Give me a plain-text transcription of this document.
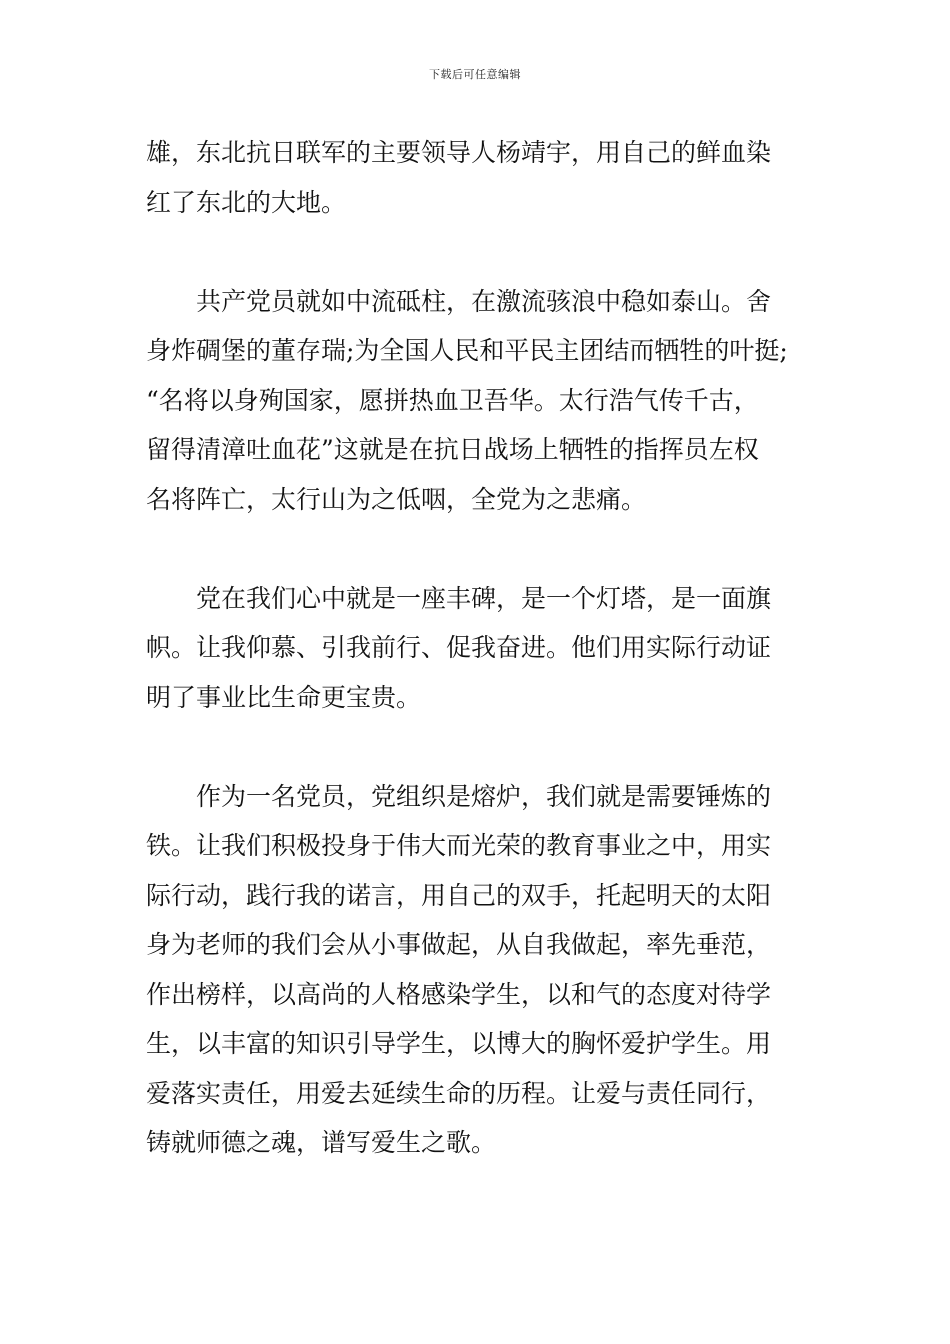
下载后可任意编辑
雄，东北抗日联军的主要领导人杨靖宇，用自己的鲜血染
红了东北的大地。
共产党员就如中流砥柱，在激流骇浪中稳如泰山。舍
身炸碉堡的董存瑞;为全国人民和平民主团结而牺牲的叶挺;
“名将以身殉国家，愿拼热血卫吾华。太行浩气传千古，
留得清漳吐血花”这就是在抗日战场上牺牲的指挥员左权
名将阵亡，太行山为之低咽，全党为之悲痛。
党在我们心中就是一座丰碑，是一个灯塔，是一面旗
帜。让我仰慕、引我前行、促我奋进。他们用实际行动证
明了事业比生命更宝贵。
作为一名党员，党组织是熔炉，我们就是需要锤炼的
铁。让我们积极投身于伟大而光荣的教育事业之中，用实
际行动，践行我的诺言，用自己的双手，托起明天的太阳
身为老师的我们会从小事做起，从自我做起，率先垂范，
作出榜样，以高尚的人格感染学生，以和气的态度对待学
生，以丰富的知识引导学生，以博大的胸怀爱护学生。用
爱落实责任，用爱去延续生命的历程。让爱与责任同行，
铸就师德之魂，谱写爱生之歌。
